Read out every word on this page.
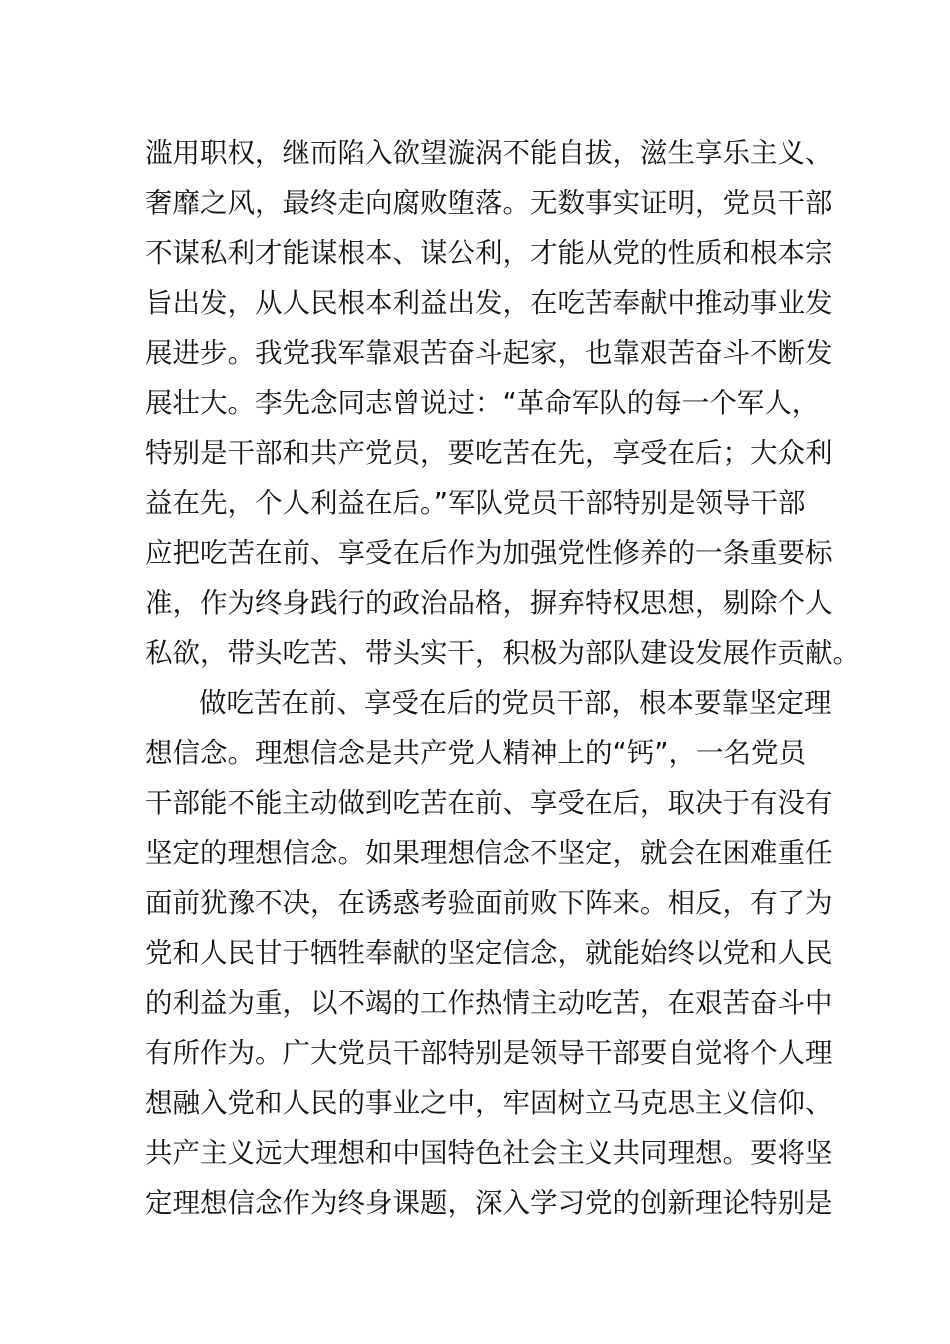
滥用职权，继而陷入欲望漩涡不能自拔，滋生享乐主义、
奢靡之风，最终走向腐败堕落。无数事实证明，党员干部
不谋私利才能谋根本、谋公利，才能从党的性质和根本宗
旨出发，从人民根本利益出发，在吃苦奉献中推动事业发
展进步。我党我军靠艰苦奋斗起家，也靠艰苦奋斗不断发
展壮大。李先念同志曾说过：“革命军队的每一个军人，
特别是干部和共产党员，要吃苦在先，享受在后；大众利
益在先，个人利益在后。”军队党员干部特别是领导干部
应把吃苦在前、享受在后作为加强党性修养的一条重要标
准，作为终身践行的政治品格，摒弃特权思想，剔除个人
私欲，带头吃苦、带头实干，积极为部队建设发展作贡献。
做吃苦在前、享受在后的党员干部，根本要靠坚定理
想信念。理想信念是共产党人精神上的“钙”，一名党员
干部能不能主动做到吃苦在前、享受在后，取决于有没有
坚定的理想信念。如果理想信念不坚定，就会在困难重任
面前犹豫不决，在诱惑考验面前败下阵来。相反，有了为
党和人民甘于牺牲奉献的坚定信念，就能始终以党和人民
的利益为重，以不竭的工作热情主动吃苦，在艰苦奋斗中
有所作为。广大党员干部特别是领导干部要自觉将个人理
想融入党和人民的事业之中，牢固树立马克思主义信仰、
共产主义远大理想和中国特色社会主义共同理想。要将坚
定理想信念作为终身课题，深入学习党的创新理论特别是
